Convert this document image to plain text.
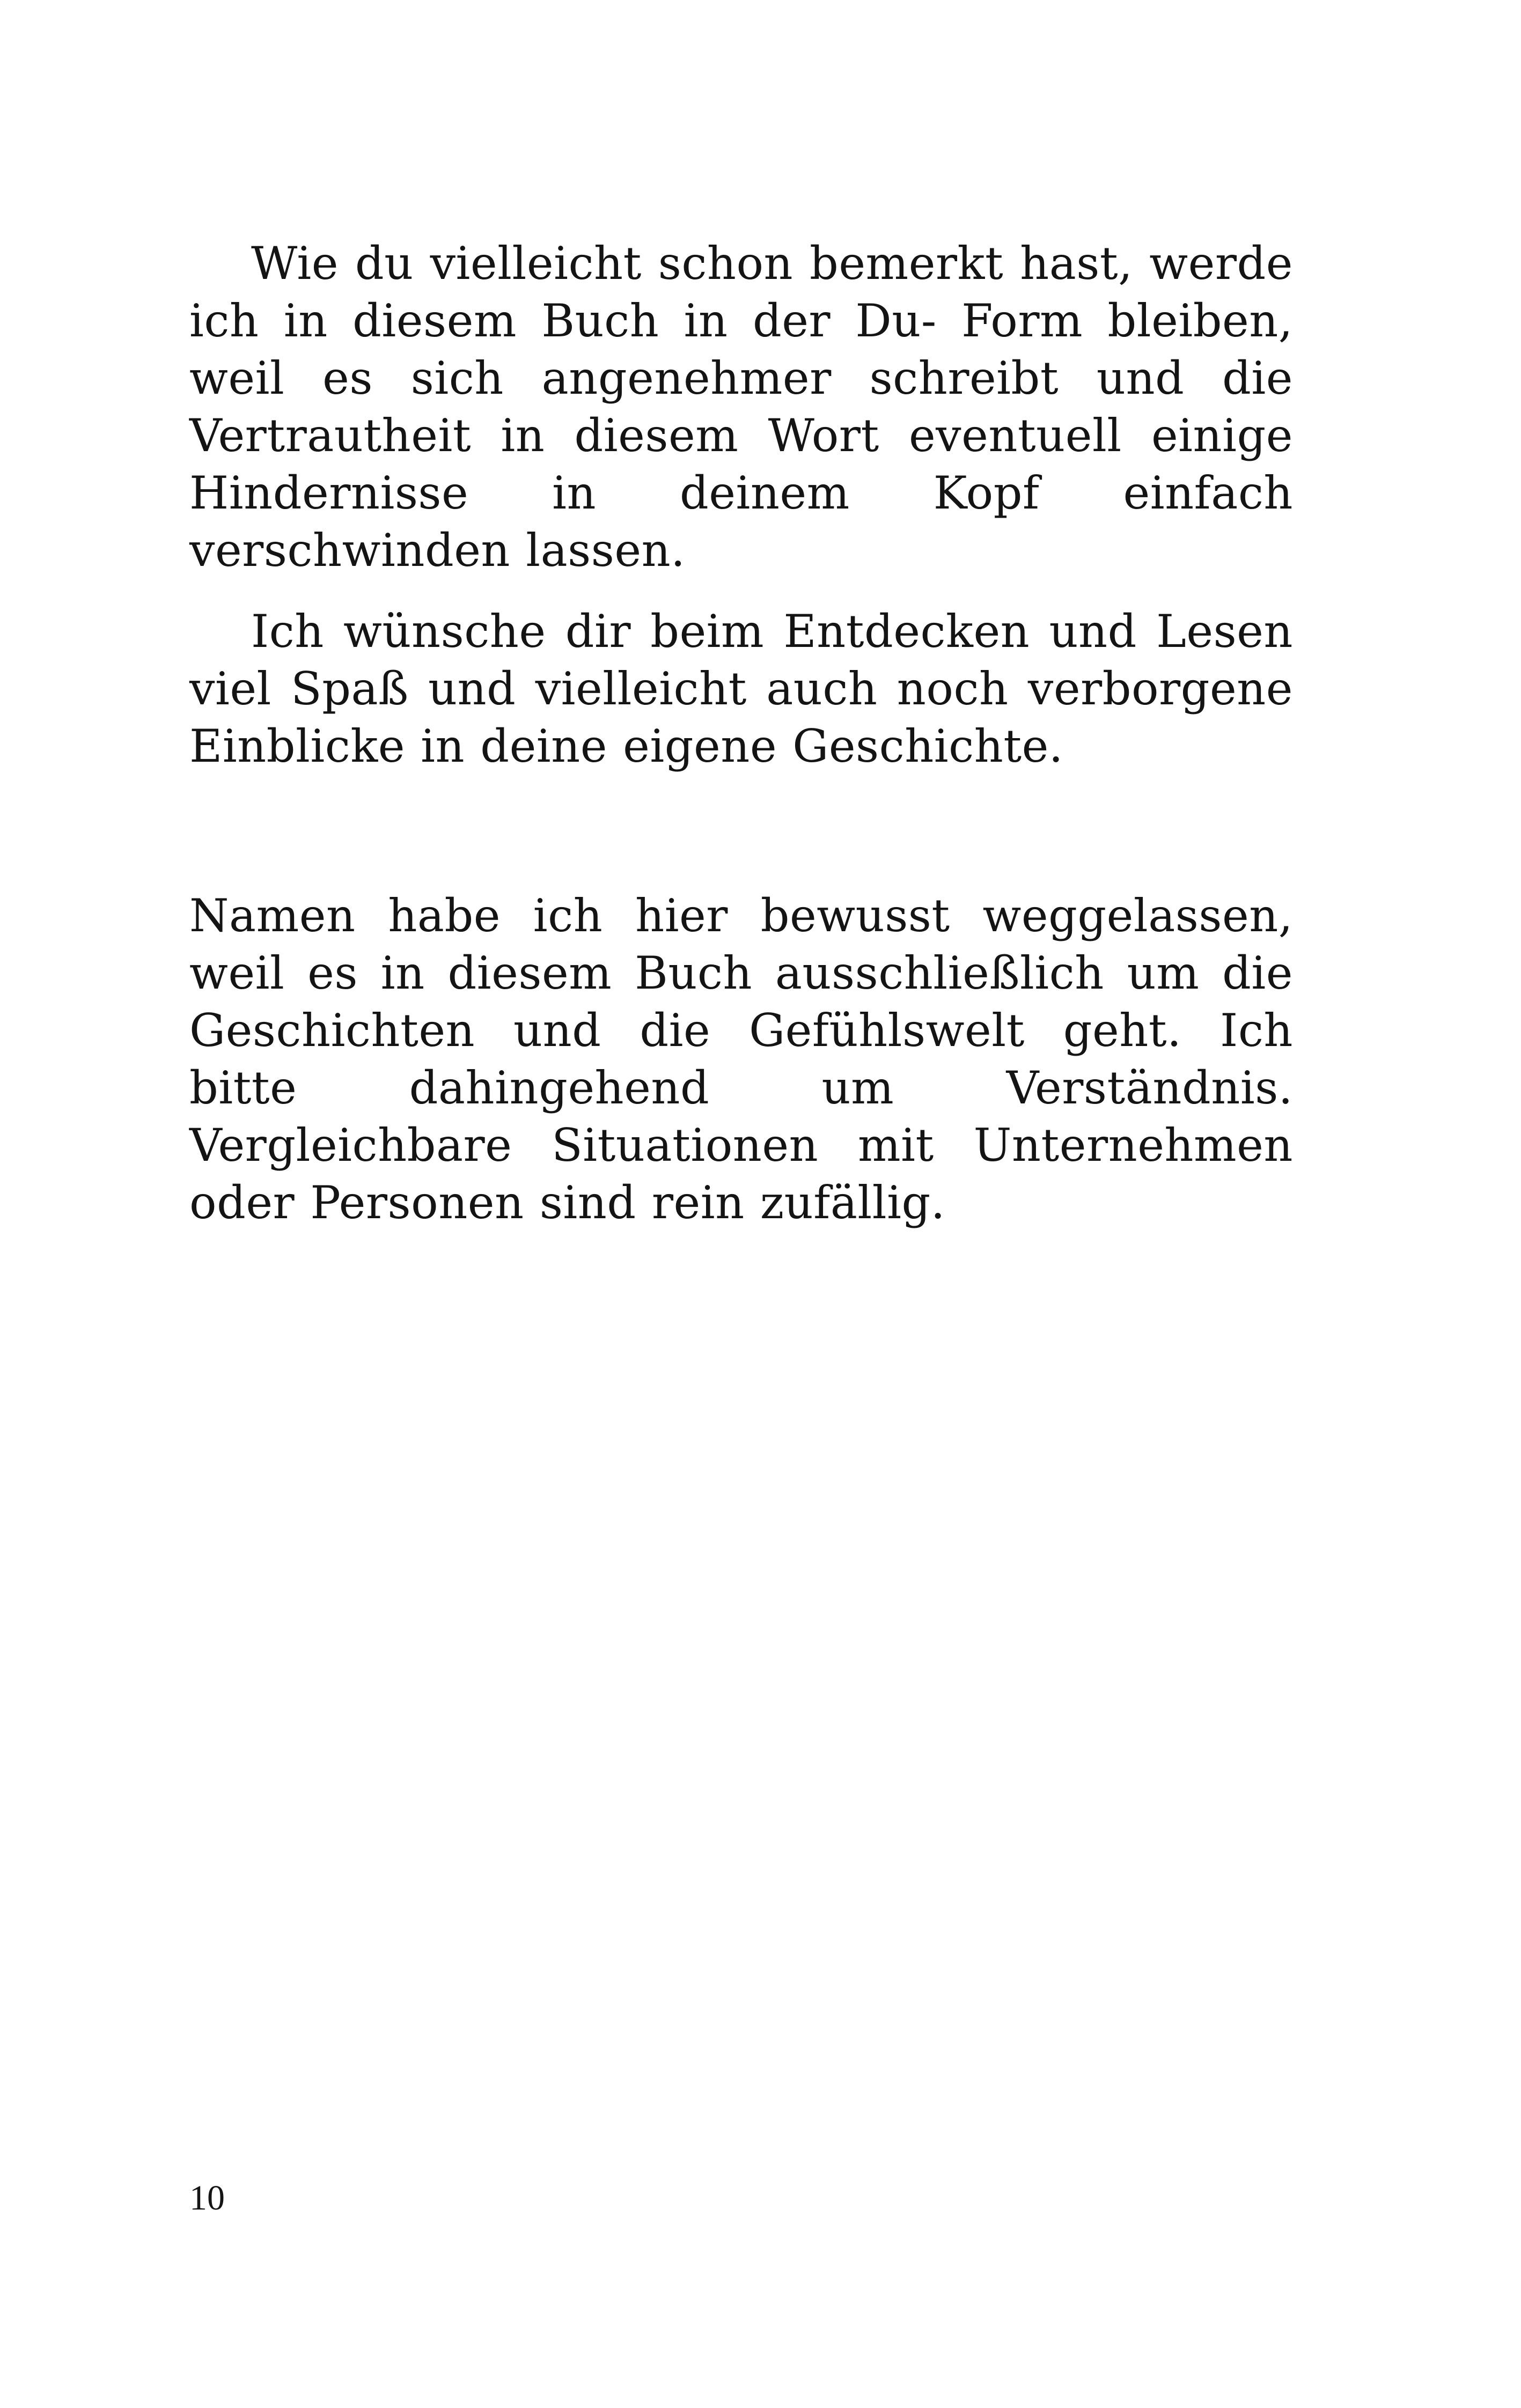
Wie du vielleicht schon bemerkt hast, werde ich in diesem Buch in der Du- Form bleiben, weil es sich angenehmer schreibt und die Vertrautheit in diesem Wort eventuell einige Hindernisse in deinem Kopf einfach verschwinden lassen.

Ich wünsche dir beim Entdecken und Lesen viel Spaß und vielleicht auch noch verborgene Einblicke in deine eigene Geschichte.

Namen habe ich hier bewusst weggelassen, weil es in diesem Buch ausschließlich um die Geschichten und die Gefühlswelt geht. Ich bitte dahingehend um Verständnis. Vergleichbare Situationen mit Unternehmen oder Personen sind rein zufällig.

10
